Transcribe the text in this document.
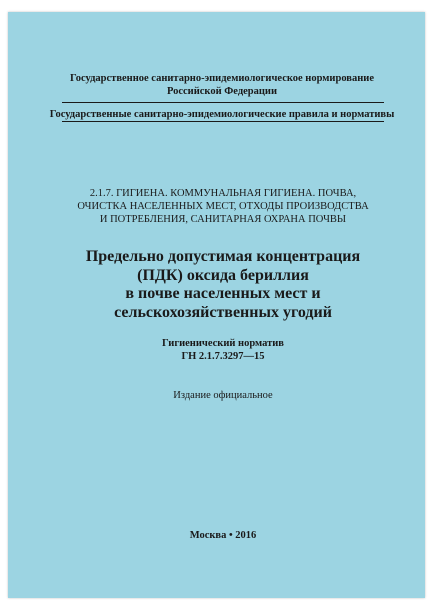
Государственное санитарно-эпидемиологическое нормирование
Российской Федерации
Государственные санитарно-эпидемиологические правила и нормативы
2.1.7. ГИГИЕНА. КОММУНАЛЬНАЯ ГИГИЕНА. ПОЧВА,
ОЧИСТКА НАСЕЛЕННЫХ МЕСТ, ОТХОДЫ ПРОИЗВОДСТВА
И ПОТРЕБЛЕНИЯ, САНИТАРНАЯ ОХРАНА ПОЧВЫ
Предельно допустимая концентрация
(ПДК) оксида бериллия
в почве населенных мест и
сельскохозяйственных угодий
Гигиенический норматив
ГН 2.1.7.3297—15
Издание официальное
Москва • 2016
